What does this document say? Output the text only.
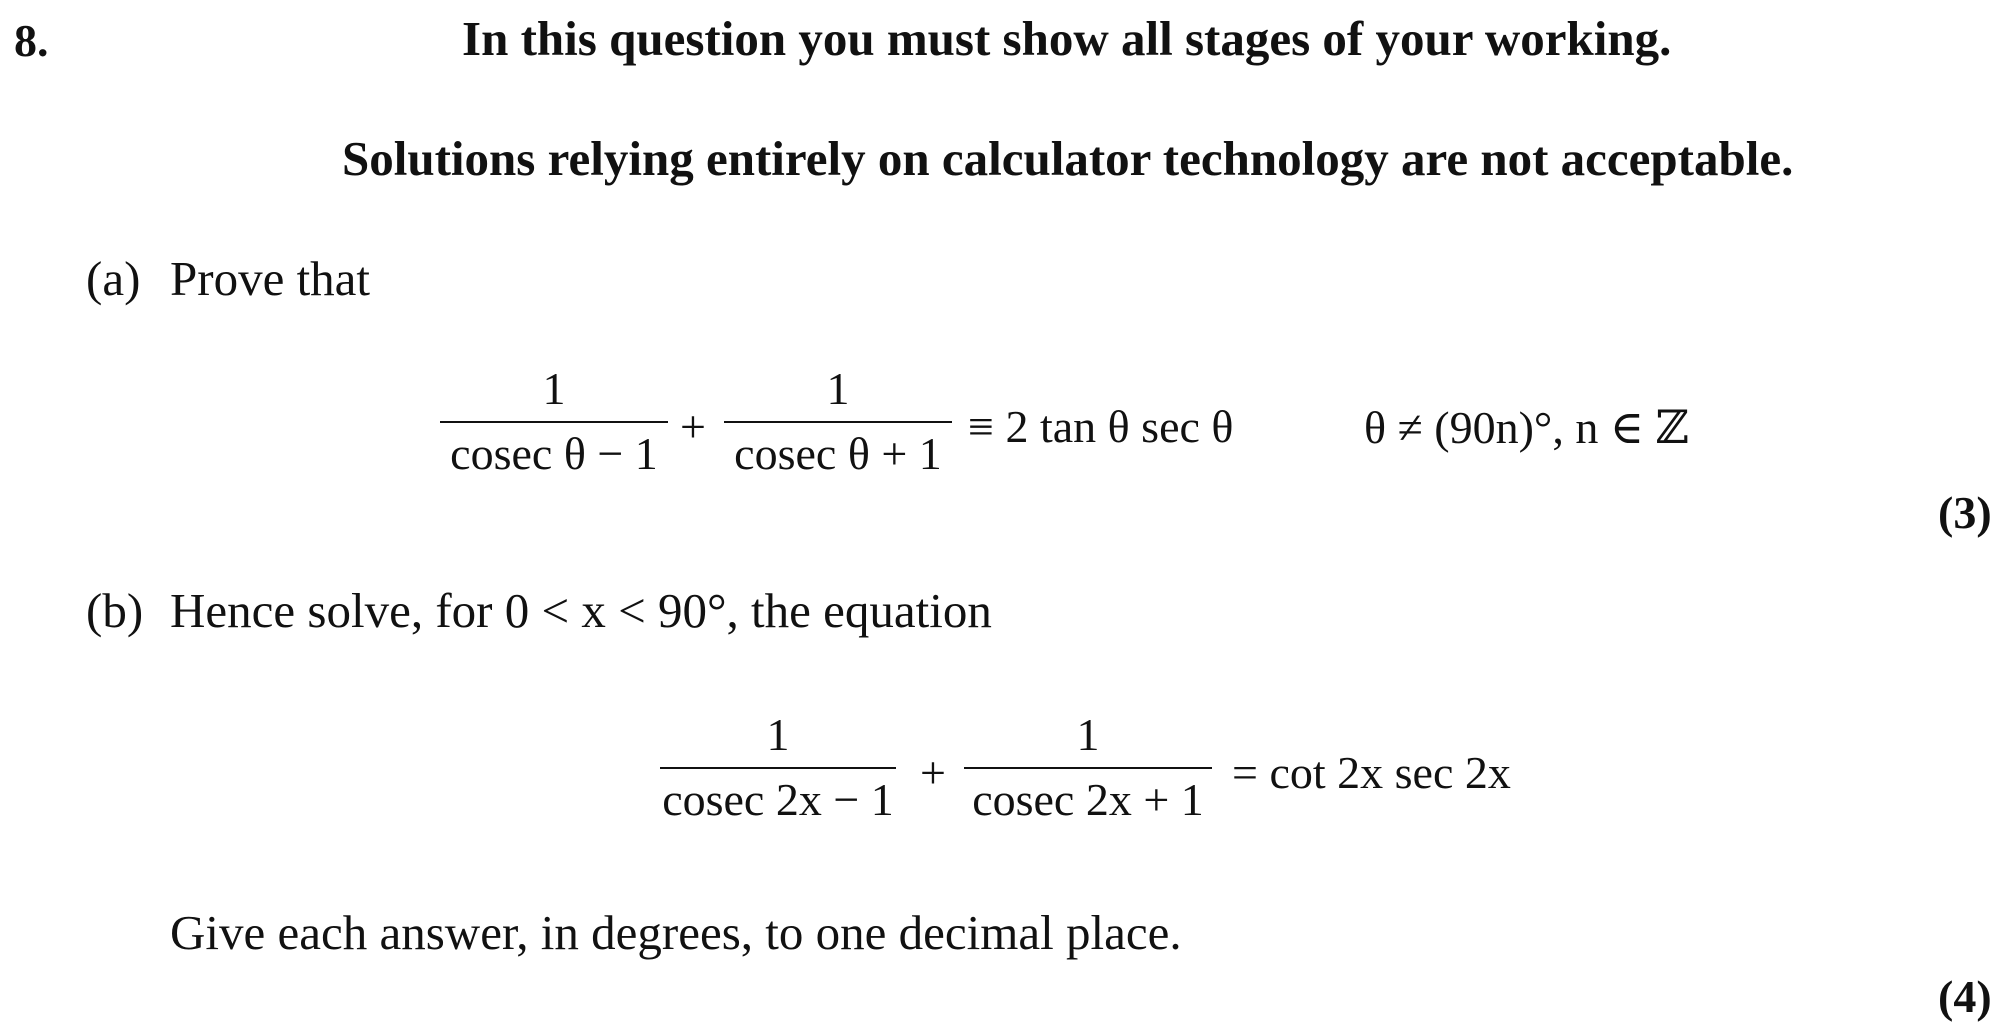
8.	In this question you must show all stages of your working.
Solutions relying entirely on calculator technology are not acceptable.
(a) Prove that
1
cosec θ − 1
+
1
cosec θ + 1
≡ 2 tan θ sec θ	θ ≠ (90n)°, n ∈ ℤ
(3)
(b) Hence solve, for 0 < x < 90°, the equation
1
cosec 2x − 1
+
1
cosec 2x + 1
= cot 2x sec 2x
Give each answer, in degrees, to one decimal place.
(4)
